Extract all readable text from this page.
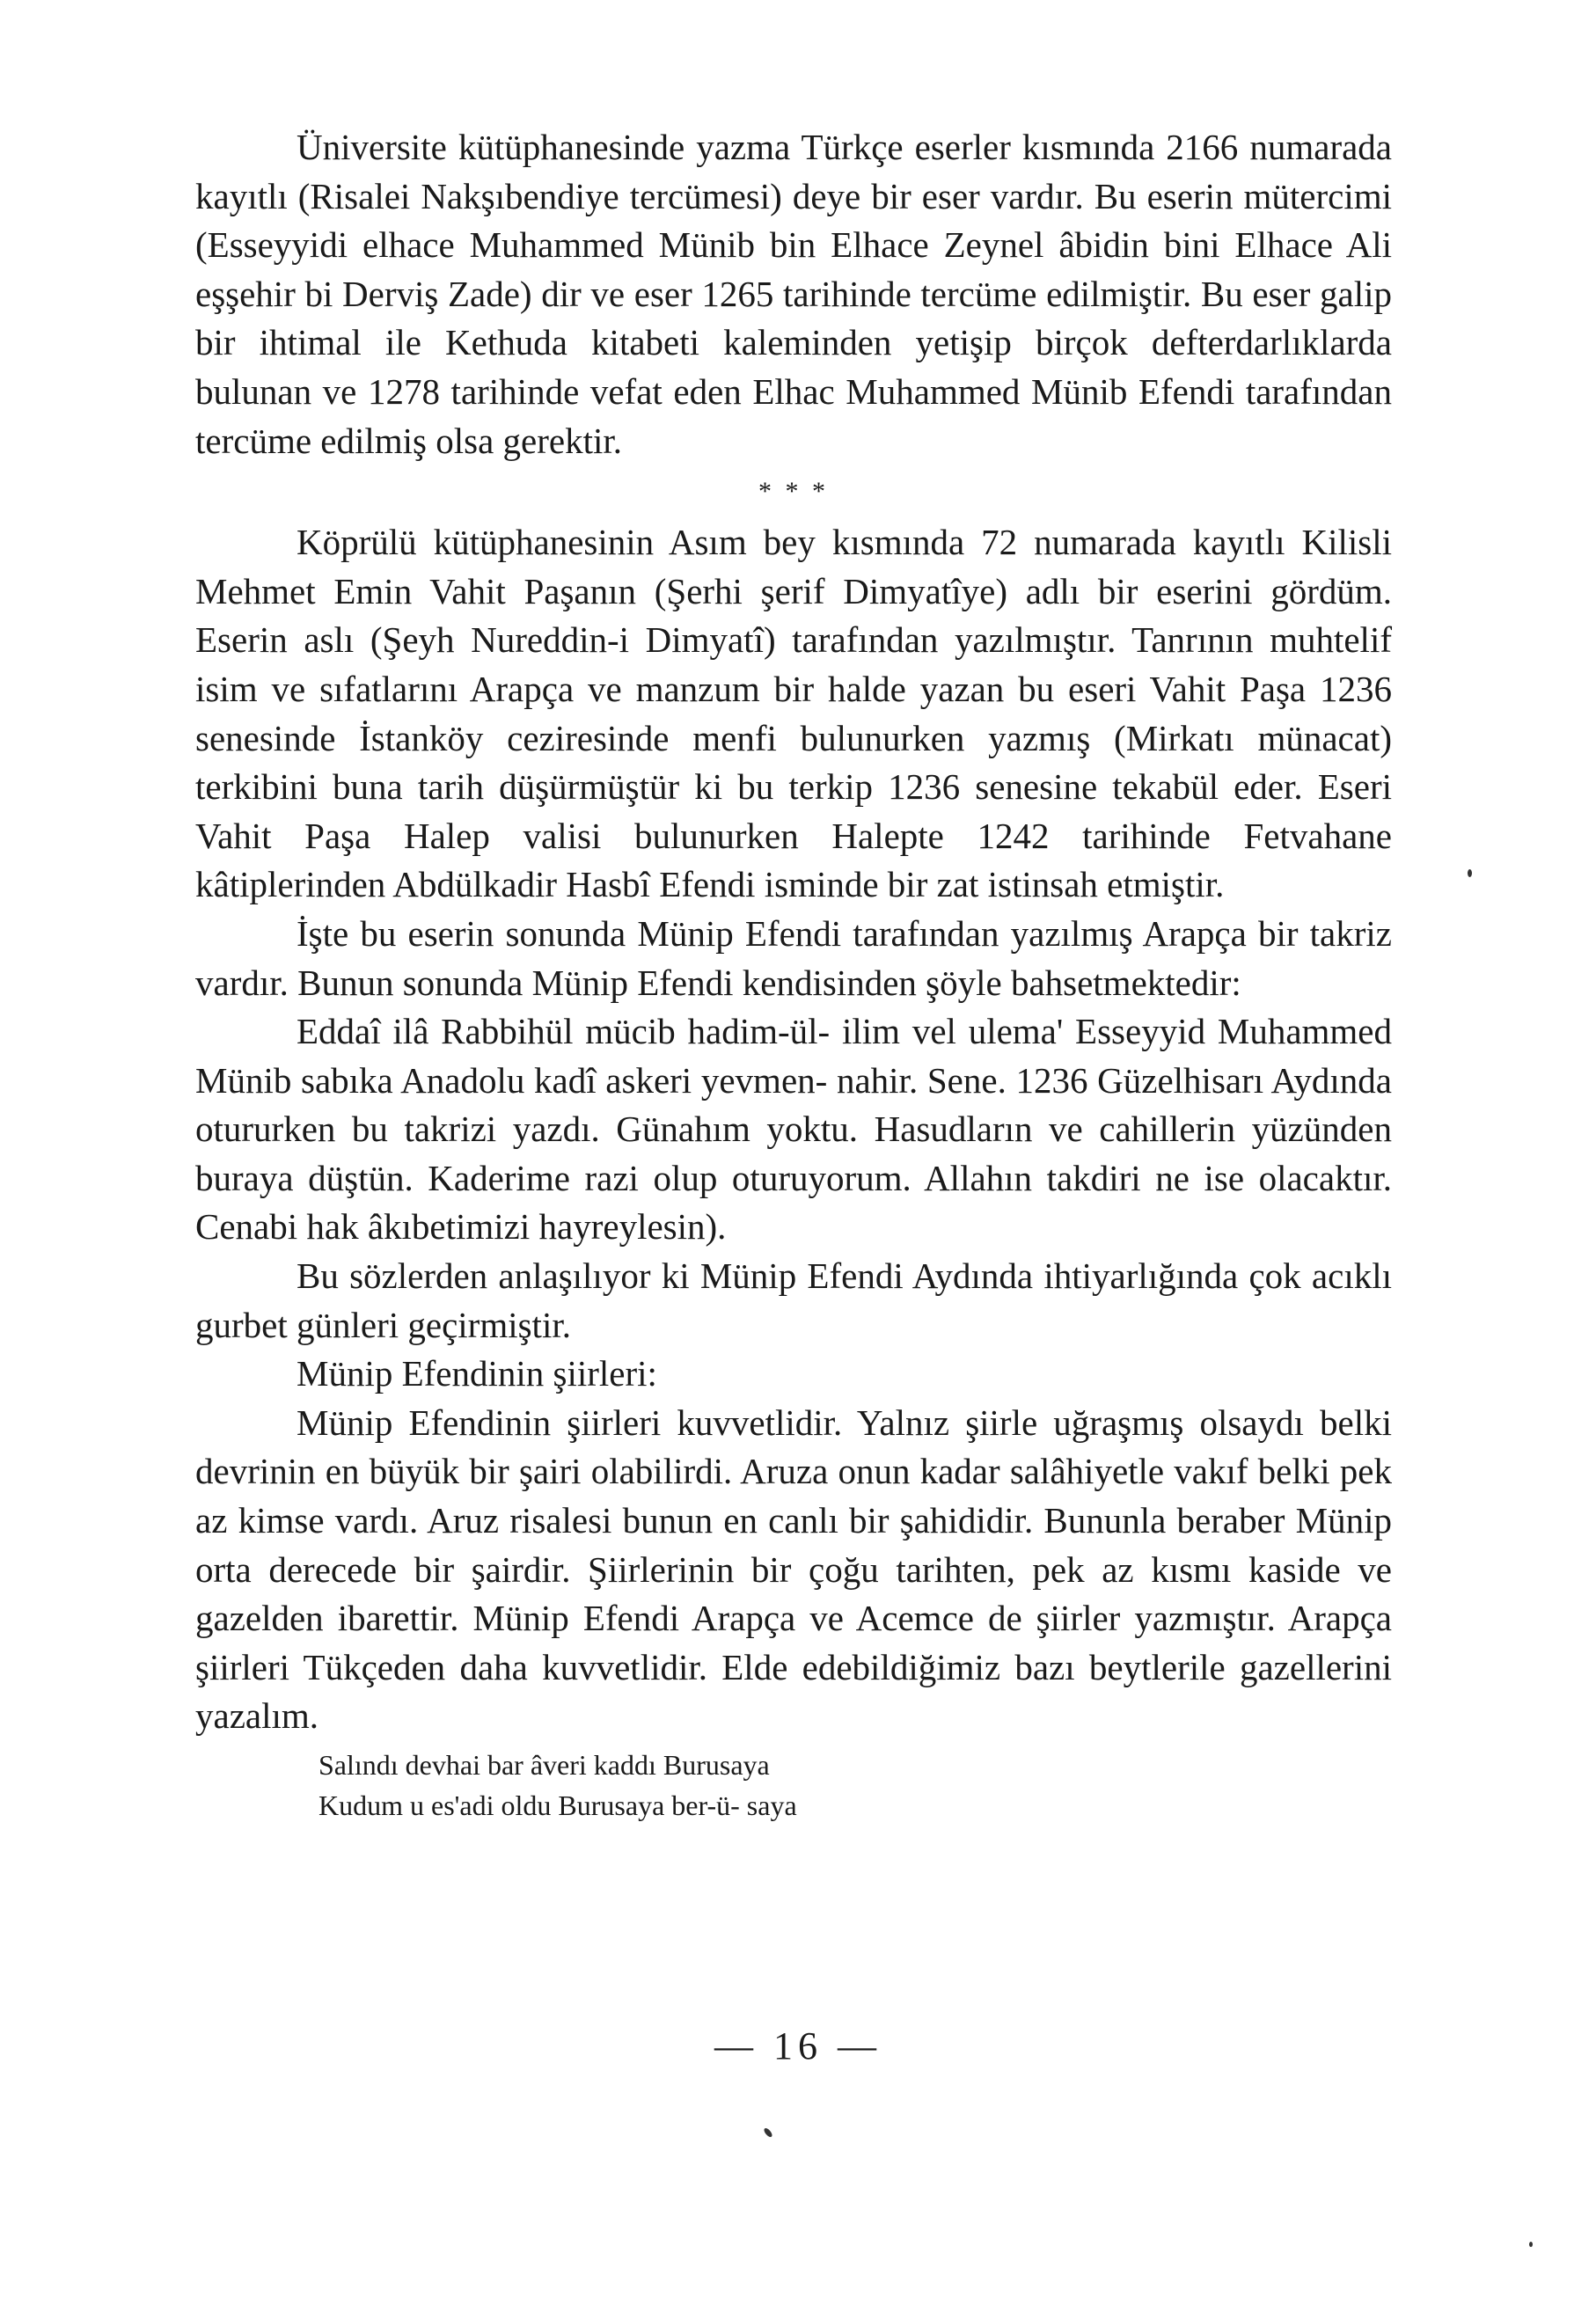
Üniversite kütüphanesinde yazma Türkçe eserler kısmında 2166 numarada kayıtlı (Risalei Nakşıbendiye tercümesi) deye bir eser vardır. Bu eserin mütercimi (Esseyyidi elhace Muhammed Münib bin Elhace Zeynel âbidin bini Elhace Ali eşşehir bi Derviş Zade) dir ve eser 1265 tarihinde tercüme edilmiştir. Bu eser galip bir ihtimal ile Kethuda kitabeti kaleminden yetişip birçok defterdarlıklarda bulunan ve 1278 tarihinde vefat eden Elhac Muhammed Münib Efendi tarafından tercüme edilmiş olsa gerektir.

* * *

Köprülü kütüphanesinin Asım bey kısmında 72 numarada kayıtlı Kilisli Mehmet Emin Vahit Paşanın (Şerhi şerif Dimyatîye) adlı bir eserini gördüm. Eserin aslı (Şeyh Nureddin-i Dimyatî) tarafından yazılmıştır. Tanrının muhtelif isim ve sıfatlarını Arapça ve manzum bir halde yazan bu eseri Vahit Paşa 1236 senesinde İstanköy ceziresinde menfi bulunurken yazmış (Mirkatı münacat) terkibini buna tarih düşürmüştür ki bu terkip 1236 senesine tekabül eder. Eseri Vahit Paşa Halep valisi bulunurken Halepte 1242 tarihinde Fetvahane kâtiplerinden Abdülkadir Hasbî Efendi isminde bir zat istinsah etmiştir.

İşte bu eserin sonunda Münip Efendi tarafından yazılmış Arapça bir takriz vardır. Bunun sonunda Münip Efendi kendisinden şöyle bahsetmektedir:

Eddaî ilâ Rabbihül mücib hadim-ül- ilim vel ulema' Esseyyid Muhammed Münib sabıka Anadolu kadî askeri yevmen- nahir. Sene. 1236 Güzelhisarı Aydında otururken bu takrizi yazdı. Günahım yoktu. Hasudların ve cahillerin yüzünden buraya düştün. Kaderime razi olup oturuyorum. Allahın takdiri ne ise olacaktır. Cenabi hak âkıbetimizi hayreylesin).

Bu sözlerden anlaşılıyor ki Münip Efendi Aydında ihtiyarlığında çok acıklı gurbet günleri geçirmiştir.

Münip Efendinin şiirleri:

Münip Efendinin şiirleri kuvvetlidir. Yalnız şiirle uğraşmış olsaydı belki devrinin en büyük bir şairi olabilirdi. Aruza onun kadar salâhiyetle vakıf belki pek az kimse vardı. Aruz risalesi bunun en canlı bir şahididir. Bununla beraber Münip orta derecede bir şairdir. Şiirlerinin bir çoğu tarihten, pek az kısmı kaside ve gazelden ibarettir. Münip Efendi Arapça ve Acemce de şiirler yazmıştır. Arapça şiirleri Tükçeden daha kuvvetlidir. Elde edebildiğimiz bazı beytlerile gazellerini yazalım.

Salındı devhai bar âveri kaddı Burusaya
Kudum u es'adi oldu Burusaya ber-ü- saya
— 16 —
